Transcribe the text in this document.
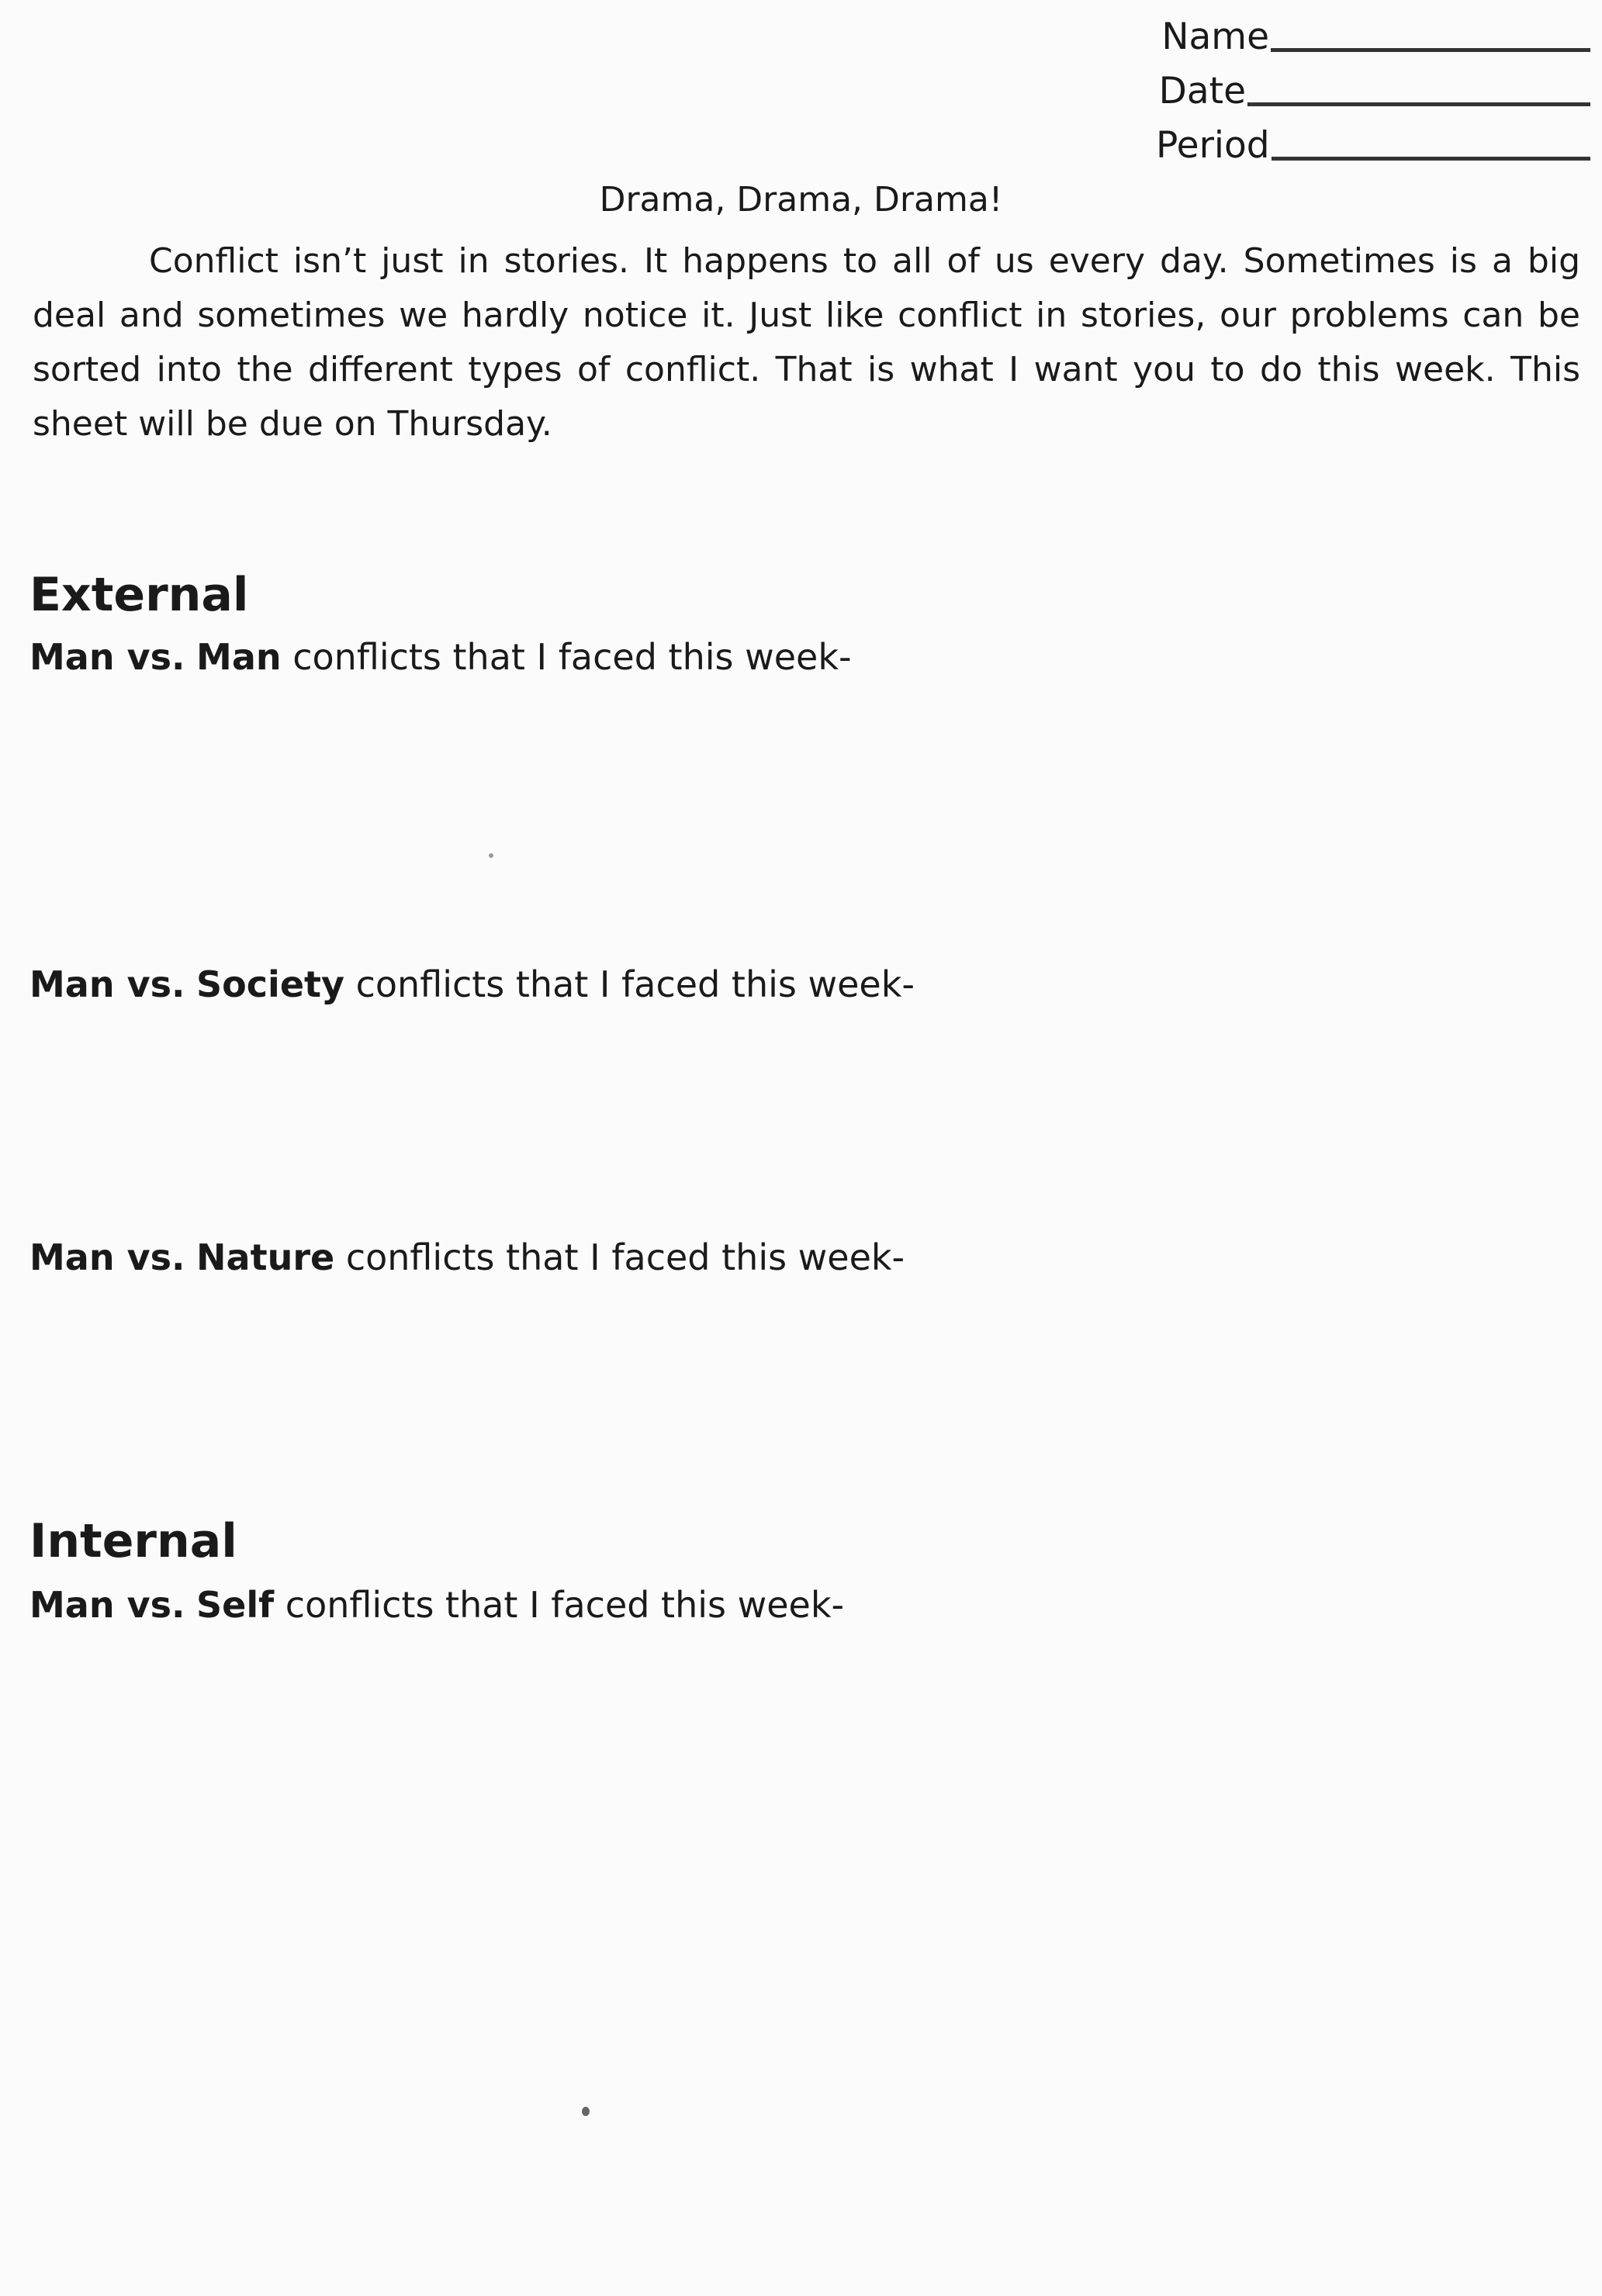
Name
Date
Period
Drama, Drama, Drama!
Conflict isn’t just in stories. It happens to all of us every day. Sometimes is a big deal and sometimes we hardly notice it. Just like conflict in stories, our problems can be sorted into the different types of conflict. That is what I want you to do this week. This sheet will be due on Thursday.
External
Man vs. Man conflicts that I faced this week-
Man vs. Society conflicts that I faced this week-
Man vs. Nature conflicts that I faced this week-
Internal
Man vs. Self conflicts that I faced this week-
